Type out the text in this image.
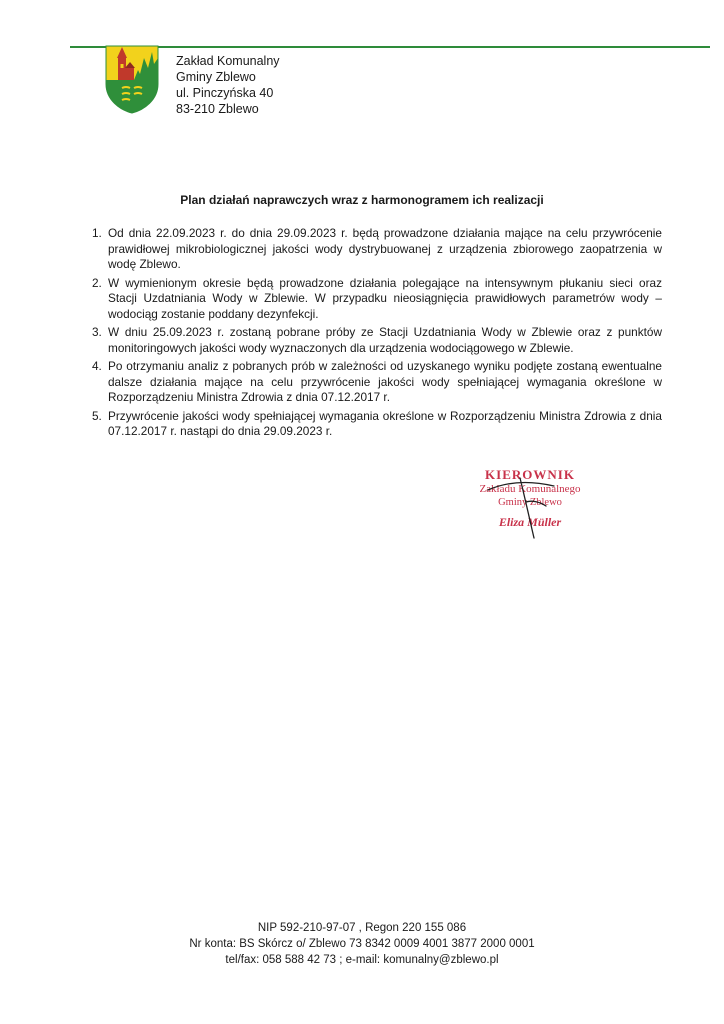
Zakład Komunalny
Gminy Zblewo
ul. Pinczyńska 40
83-210 Zblewo
Plan działań naprawczych wraz z harmonogramem ich realizacji
1. Od dnia 22.09.2023 r. do dnia 29.09.2023 r. będą prowadzone działania mające na celu przywrócenie prawidłowej mikrobiologicznej jakości wody dystrybuowanej z urządzenia zbiorowego zaopatrzenia w wodę Zblewo.
2. W wymienionym okresie będą prowadzone działania polegające na intensywnym płukaniu sieci oraz Stacji Uzdatniania Wody w Zblewie. W przypadku nieosiągnięcia prawidłowych parametrów wody – wodociąg zostanie poddany dezynfekcji.
3. W dniu 25.09.2023 r. zostaną pobrane próby ze Stacji Uzdatniania Wody w Zblewie oraz z punktów monitoringowych jakości wody wyznaczonych dla urządzenia wodociągowego w Zblewie.
4. Po otrzymaniu analiz z pobranych prób w zależności od uzyskanego wyniku podjęte zostaną ewentualne dalsze działania mające na celu przywrócenie jakości wody spełniającej wymagania określone w Rozporządzeniu Ministra Zdrowia z dnia 07.12.2017 r.
5. Przywrócenie jakości wody spełniającej wymagania określone w Rozporządzeniu Ministra Zdrowia z dnia 07.12.2017 r. nastąpi do dnia 29.09.2023 r.
KIEROWNIK
Zakładu Komunalnego
Gminy Zblewo
Eliza Müller
NIP 592-210-97-07 , Regon 220 155 086
Nr konta: BS Skórcz o/ Zblewo 73 8342 0009 4001 3877 2000 0001
tel/fax: 058 588 42 73 ; e-mail: komunalny@zblewo.pl
